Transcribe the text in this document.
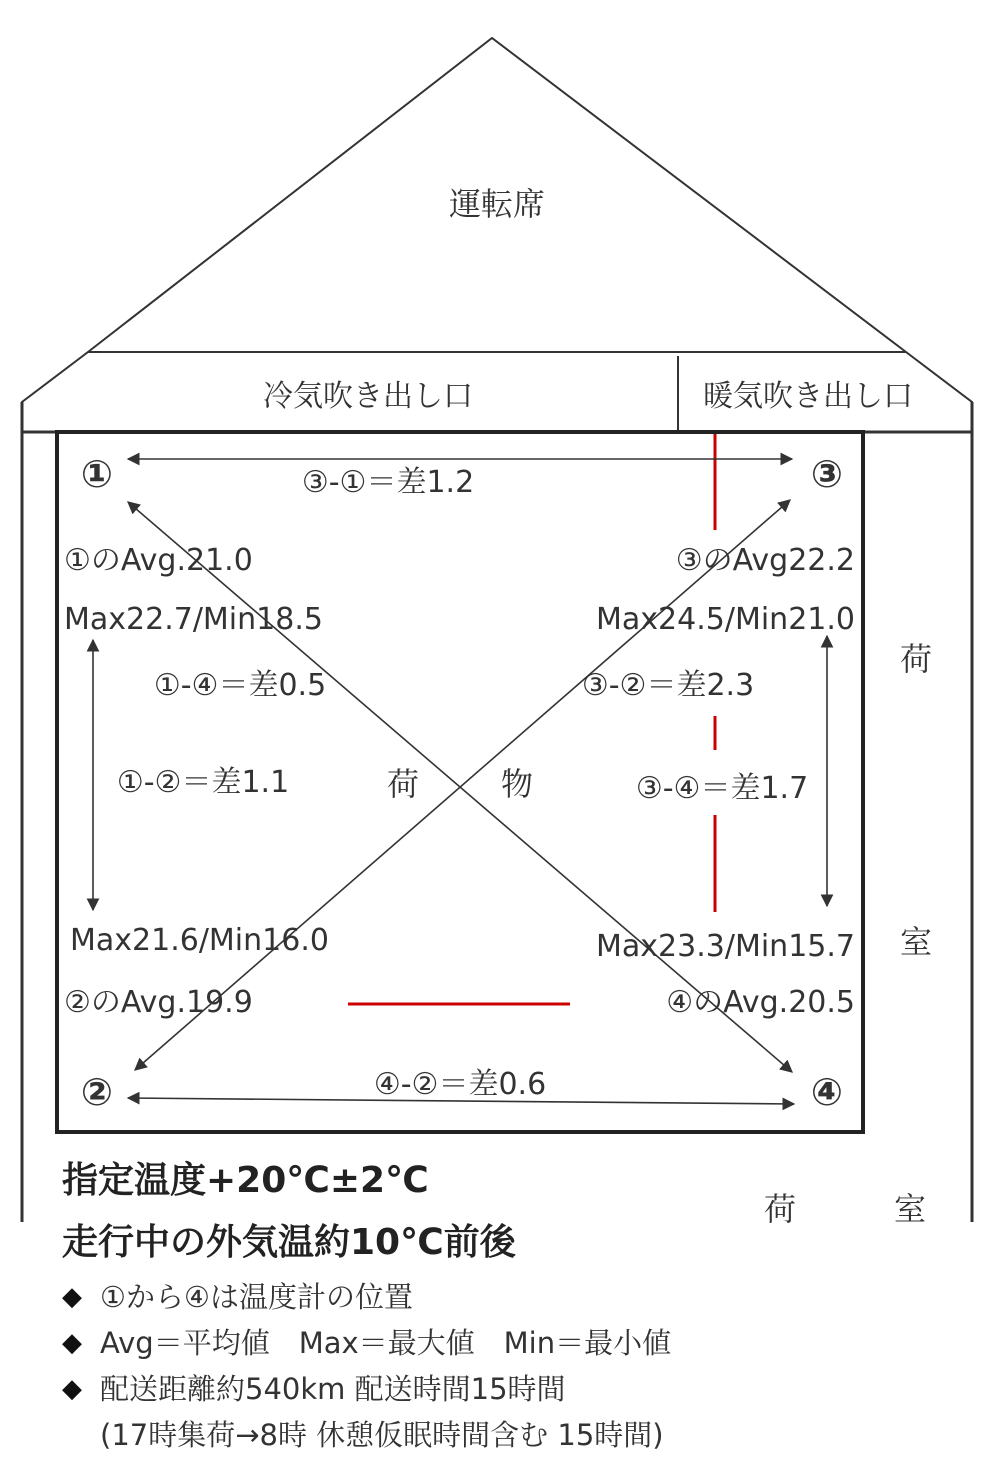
運転席
冷気吹き出し口	暖気吹き出し口
①	③
②	④
③-①＝差1.2
①-④＝差0.5	③-②＝差2.3
①-②＝差1.1	③-④＝差1.7
④-②＝差0.6
①のAvg.21.0
Max22.7/Min18.5
③のAvg22.2
Max24.5/Min21.0
Max21.6/Min16.0
②のAvg.19.9
Max23.3/Min15.7
④のAvg.20.5
荷	物
荷
室
荷	室
指定温度+20℃±2℃
走行中の外気温約10℃前後
◆ ①から④は温度計の位置
◆ Avg＝平均値　Max＝最大値　Min＝最小値
◆ 配送距離約540km 配送時間15時間
(17時集荷→8時 休憩仮眠時間含む 15時間)
